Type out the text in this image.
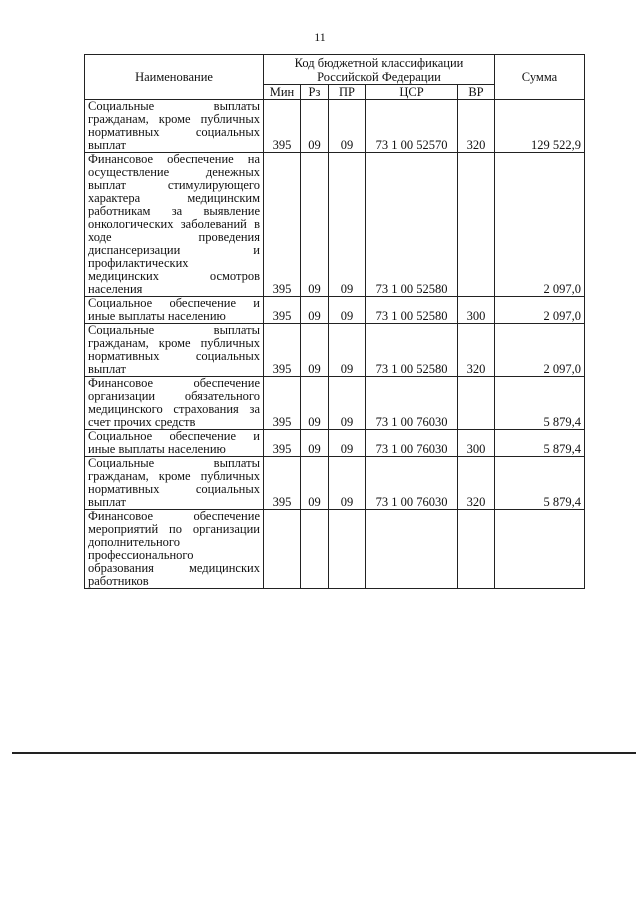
11
Наименование	Код бюджетной классификации Российской Федерации					Сумма
	Мин	Рз	ПР	ЦСР	ВР	
Социальные выплаты гражданам, кроме публичных нормативных социальных выплат	395	09	09	73 1 00 52570	320	129 522,9
Финансовое обеспечение на осуществление денежных выплат стимулирующего характера медицинским работникам за выявление онкологических заболеваний в ходе проведения диспансеризации и профилактических медицинских осмотров населения	395	09	09	73 1 00 52580		2 097,0
Социальное обеспечение и иные выплаты населению	395	09	09	73 1 00 52580	300	2 097,0
Социальные выплаты гражданам, кроме публичных нормативных социальных выплат	395	09	09	73 1 00 52580	320	2 097,0
Финансовое обеспечение организации обязательного медицинского страхования за счет прочих средств	395	09	09	73 1 00 76030		5 879,4
Социальное обеспечение и иные выплаты населению	395	09	09	73 1 00 76030	300	5 879,4
Социальные выплаты гражданам, кроме публичных нормативных социальных выплат	395	09	09	73 1 00 76030	320	5 879,4
Финансовое обеспечение мероприятий по организации дополнительного профессионального образования медицинских работников						
